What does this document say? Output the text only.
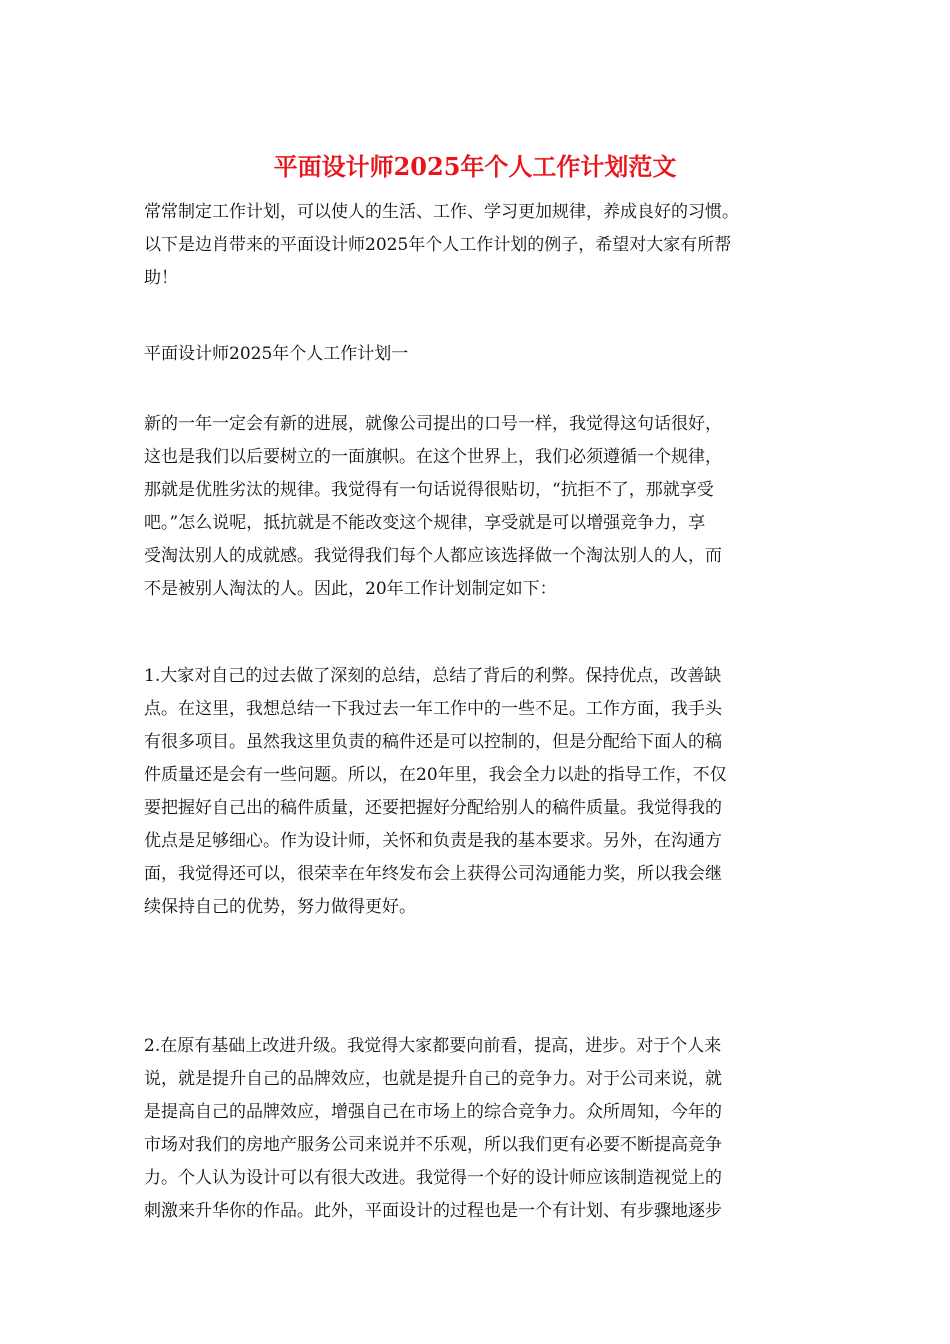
平面设计师2025年个人工作计划范文
常常制定工作计划，可以使人的生活、工作、学习更加规律，养成良好的习惯。
以下是边肖带来的平面设计师2025年个人工作计划的例子，希望对大家有所帮
助！
平面设计师2025年个人工作计划一
新的一年一定会有新的进展，就像公司提出的口号一样，我觉得这句话很好，
这也是我们以后要树立的一面旗帜。在这个世界上，我们必须遵循一个规律，
那就是优胜劣汰的规律。我觉得有一句话说得很贴切，“抗拒不了，那就享受
吧。”怎么说呢，抵抗就是不能改变这个规律，享受就是可以增强竞争力，享
受淘汰别人的成就感。我觉得我们每个人都应该选择做一个淘汰别人的人，而
不是被别人淘汰的人。因此，20年工作计划制定如下：
1.大家对自己的过去做了深刻的总结，总结了背后的利弊。保持优点，改善缺
点。在这里，我想总结一下我过去一年工作中的一些不足。工作方面，我手头
有很多项目。虽然我这里负责的稿件还是可以控制的，但是分配给下面人的稿
件质量还是会有一些问题。所以，在20年里，我会全力以赴的指导工作，不仅
要把握好自己出的稿件质量，还要把握好分配给别人的稿件质量。我觉得我的
优点是足够细心。作为设计师，关怀和负责是我的基本要求。另外，在沟通方
面，我觉得还可以，很荣幸在年终发布会上获得公司沟通能力奖，所以我会继
续保持自己的优势，努力做得更好。
2.在原有基础上改进升级。我觉得大家都要向前看，提高，进步。对于个人来
说，就是提升自己的品牌效应，也就是提升自己的竞争力。对于公司来说，就
是提高自己的品牌效应，增强自己在市场上的综合竞争力。众所周知，今年的
市场对我们的房地产服务公司来说并不乐观，所以我们更有必要不断提高竞争
力。个人认为设计可以有很大改进。我觉得一个好的设计师应该制造视觉上的
刺激来升华你的作品。此外，平面设计的过程也是一个有计划、有步骤地逐步
